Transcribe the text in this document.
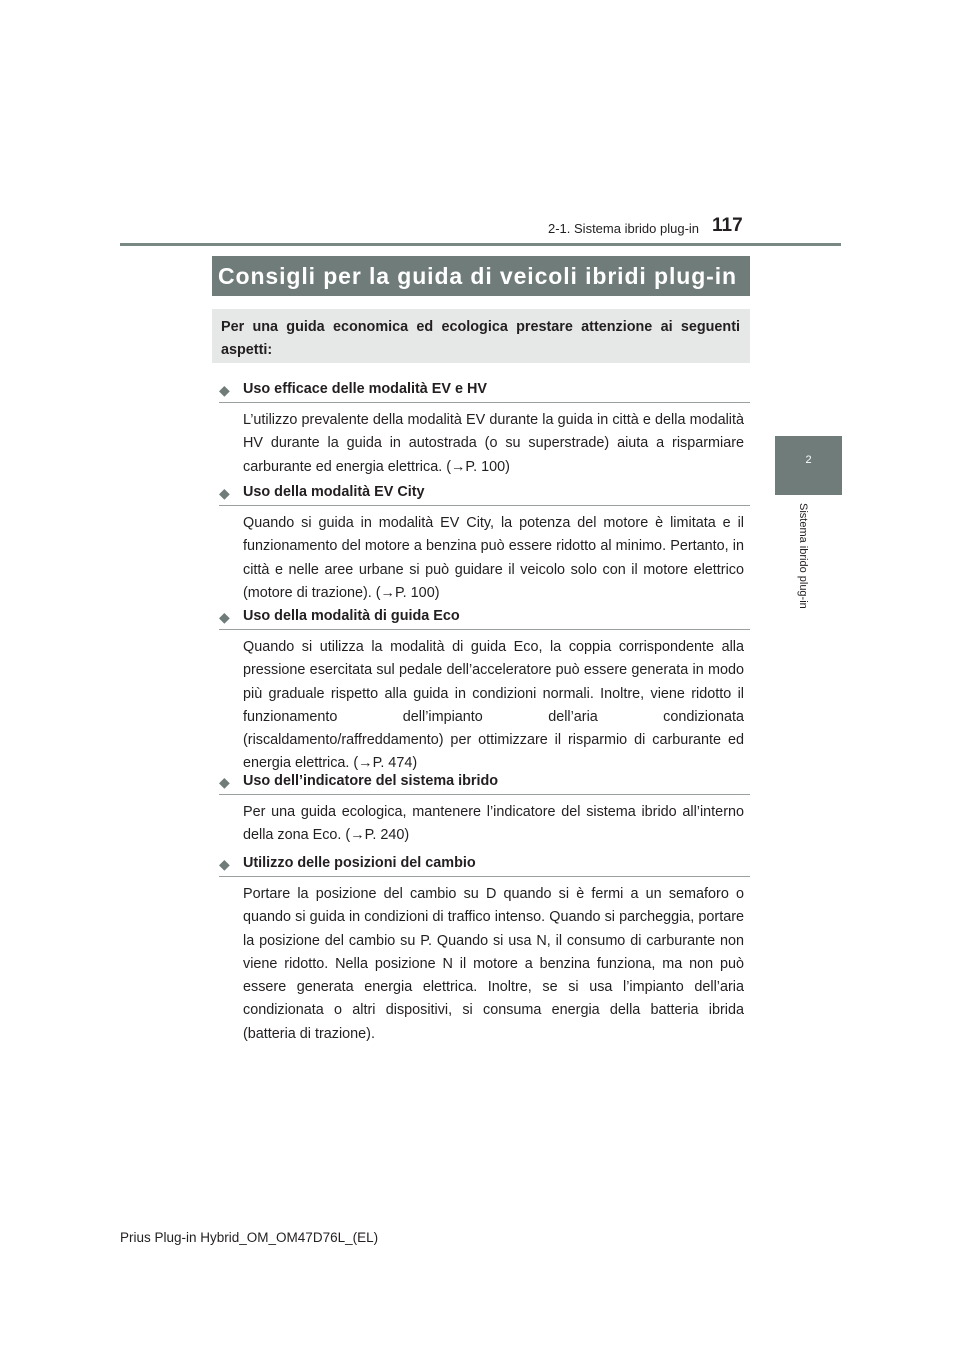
2-1. Sistema ibrido plug-in 117
2
Sistema ibrido plug-in
Consigli per la guida di veicoli ibridi plug-in
Per una guida economica ed ecologica prestare attenzione ai seguenti aspetti:
◆ Uso efficace delle modalità EV e HV
L’utilizzo prevalente della modalità EV durante la guida in città e della modalità HV durante la guida in autostrada (o su superstrade) aiuta a risparmiare carburante ed energia elettrica. (→P. 100)
◆ Uso della modalità EV City
Quando si guida in modalità EV City, la potenza del motore è limitata e il funzionamento del motore a benzina può essere ridotto al minimo. Pertanto, in città e nelle aree urbane si può guidare il veicolo solo con il motore elettrico (motore di trazione). (→P. 100)
◆ Uso della modalità di guida Eco
Quando si utilizza la modalità di guida Eco, la coppia corrispondente alla pressione esercitata sul pedale dell’acceleratore può essere generata in modo più graduale rispetto alla guida in condizioni normali. Inoltre, viene ridotto il funzionamento dell’impianto dell’aria condizionata (riscaldamento/raffreddamento) per ottimizzare il risparmio di carburante ed energia elettrica. (→P. 474)
◆ Uso dell’indicatore del sistema ibrido
Per una guida ecologica, mantenere l’indicatore del sistema ibrido all’interno della zona Eco. (→P. 240)
◆ Utilizzo delle posizioni del cambio
Portare la posizione del cambio su D quando si è fermi a un semaforo o quando si guida in condizioni di traffico intenso. Quando si parcheggia, portare la posizione del cambio su P. Quando si usa N, il consumo di carburante non viene ridotto. Nella posizione N il motore a benzina funziona, ma non può essere generata energia elettrica. Inoltre, se si usa l’impianto dell’aria condizionata o altri dispositivi, si consuma energia della batteria ibrida (batteria di trazione).
Prius Plug-in Hybrid_OM_OM47D76L_(EL)
